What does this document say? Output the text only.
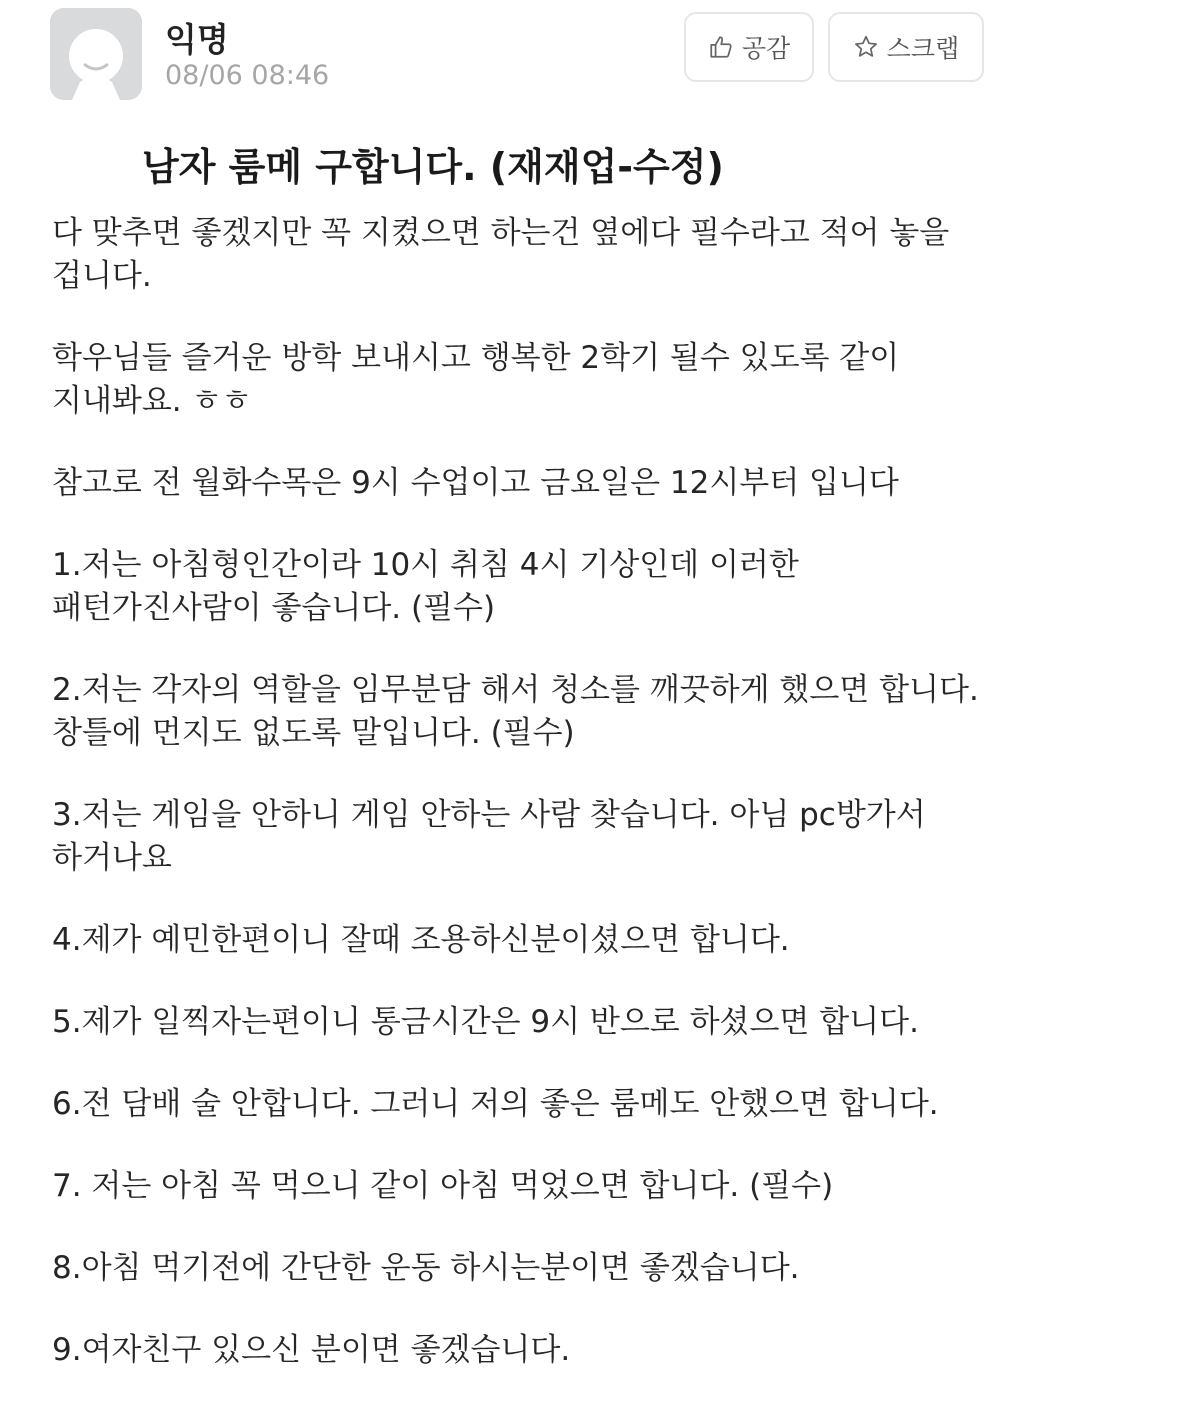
익명
08/06 08:46
공감	스크랩
남자 룸메 구합니다. (재재업-수정)

다 맞추면 좋겠지만 꼭 지켰으면 하는건 옆에다 필수라고 적어 놓을 겁니다.

학우님들 즐거운 방학 보내시고 행복한 2학기 될수 있도록 같이 지내봐요. ㅎㅎ

참고로 전 월화수목은 9시 수업이고 금요일은 12시부터 입니다

1.저는 아침형인간이라 10시 취침 4시 기상인데 이러한 패턴가진사람이 좋습니다. (필수)

2.저는 각자의 역할을 임무분담 해서 청소를 깨끗하게 했으면 합니다. 창틀에 먼지도 없도록 말입니다. (필수)

3.저는 게임을 안하니 게임 안하는 사람 찾습니다. 아님 pc방가서 하거나요

4.제가 예민한편이니 잘때 조용하신분이셨으면 합니다.

5.제가 일찍자는편이니 통금시간은 9시 반으로 하셨으면 합니다.

6.전 담배 술 안합니다. 그러니 저의 좋은 룸메도 안했으면 합니다.

7. 저는 아침 꼭 먹으니 같이 아침 먹었으면 합니다. (필수)

8.아침 먹기전에 간단한 운동 하시는분이면 좋겠습니다.

9.여자친구 있으신 분이면 좋겠습니다.
